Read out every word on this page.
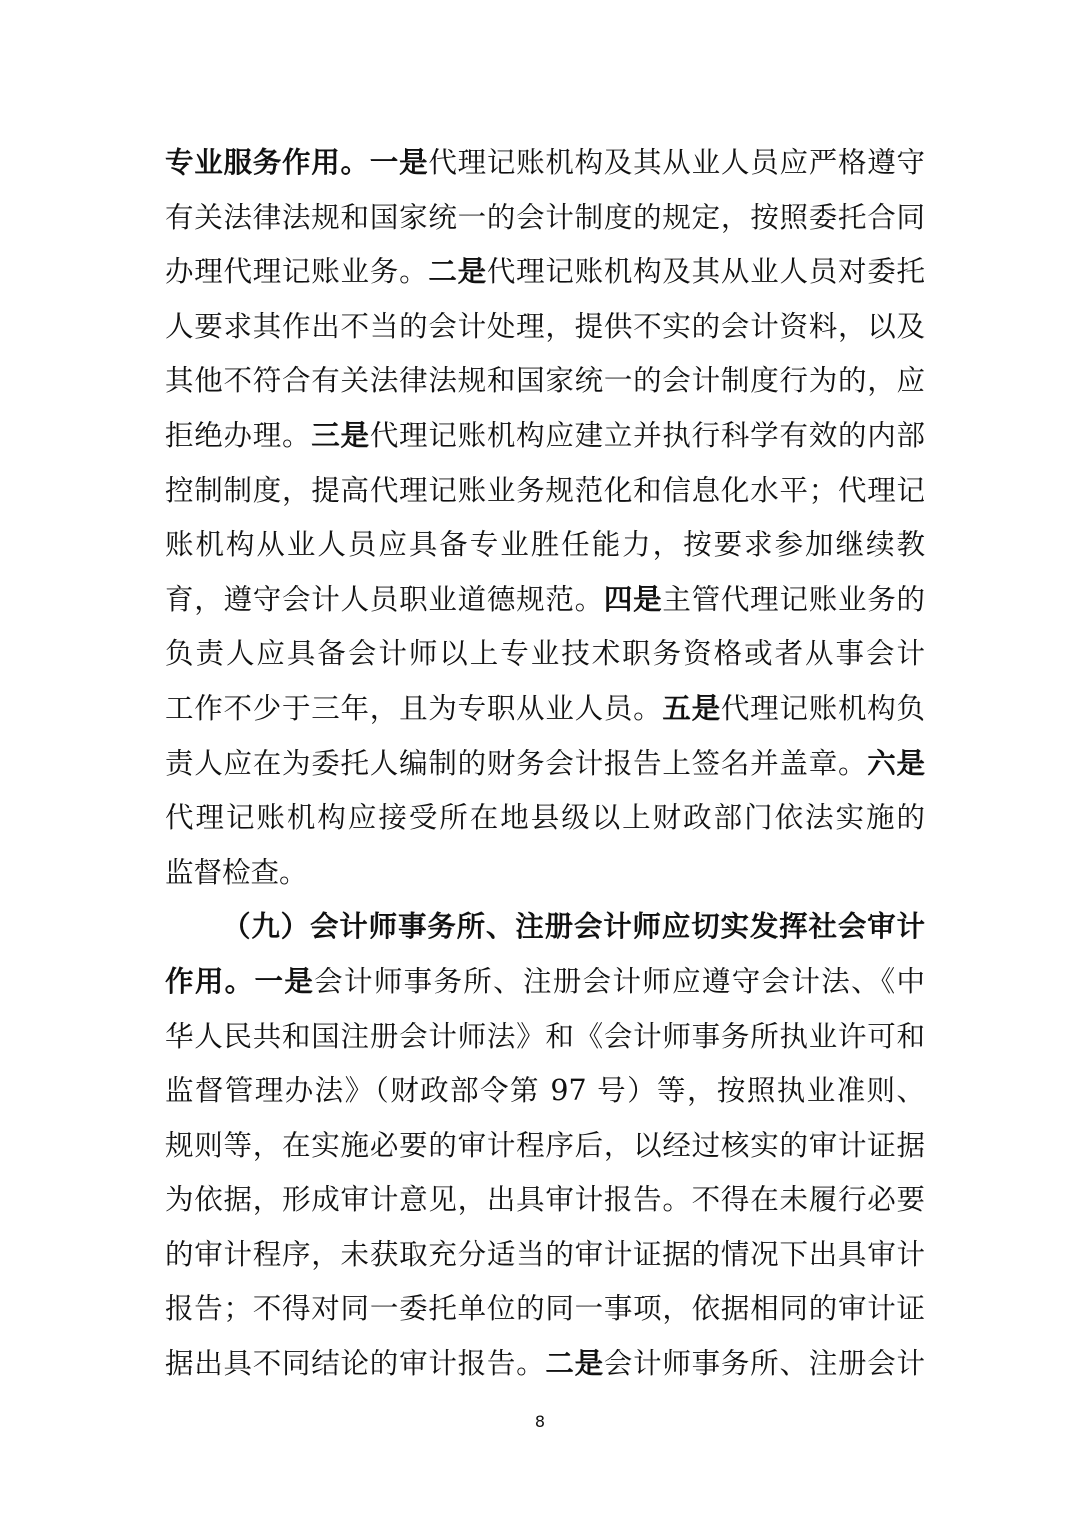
专业服务作用。一是代理记账机构及其从业人员应严格遵守
有关法律法规和国家统一的会计制度的规定，按照委托合同
办理代理记账业务。二是代理记账机构及其从业人员对委托
人要求其作出不当的会计处理，提供不实的会计资料，以及
其他不符合有关法律法规和国家统一的会计制度行为的，应
拒绝办理。三是代理记账机构应建立并执行科学有效的内部
控制制度，提高代理记账业务规范化和信息化水平；代理记
账机构从业人员应具备专业胜任能力，按要求参加继续教
育，遵守会计人员职业道德规范。四是主管代理记账业务的
负责人应具备会计师以上专业技术职务资格或者从事会计
工作不少于三年，且为专职从业人员。五是代理记账机构负
责人应在为委托人编制的财务会计报告上签名并盖章。六是
代理记账机构应接受所在地县级以上财政部门依法实施的
监督检查。
（九）会计师事务所、注册会计师应切实发挥社会审计
作用。一是会计师事务所、注册会计师应遵守会计法、《中
华人民共和国注册会计师法》和《会计师事务所执业许可和
监督管理办法》（财政部令第 97 号）等，按照执业准则、
规则等，在实施必要的审计程序后，以经过核实的审计证据
为依据，形成审计意见，出具审计报告。不得在未履行必要
的审计程序，未获取充分适当的审计证据的情况下出具审计
报告；不得对同一委托单位的同一事项，依据相同的审计证
据出具不同结论的审计报告。二是会计师事务所、注册会计
8
